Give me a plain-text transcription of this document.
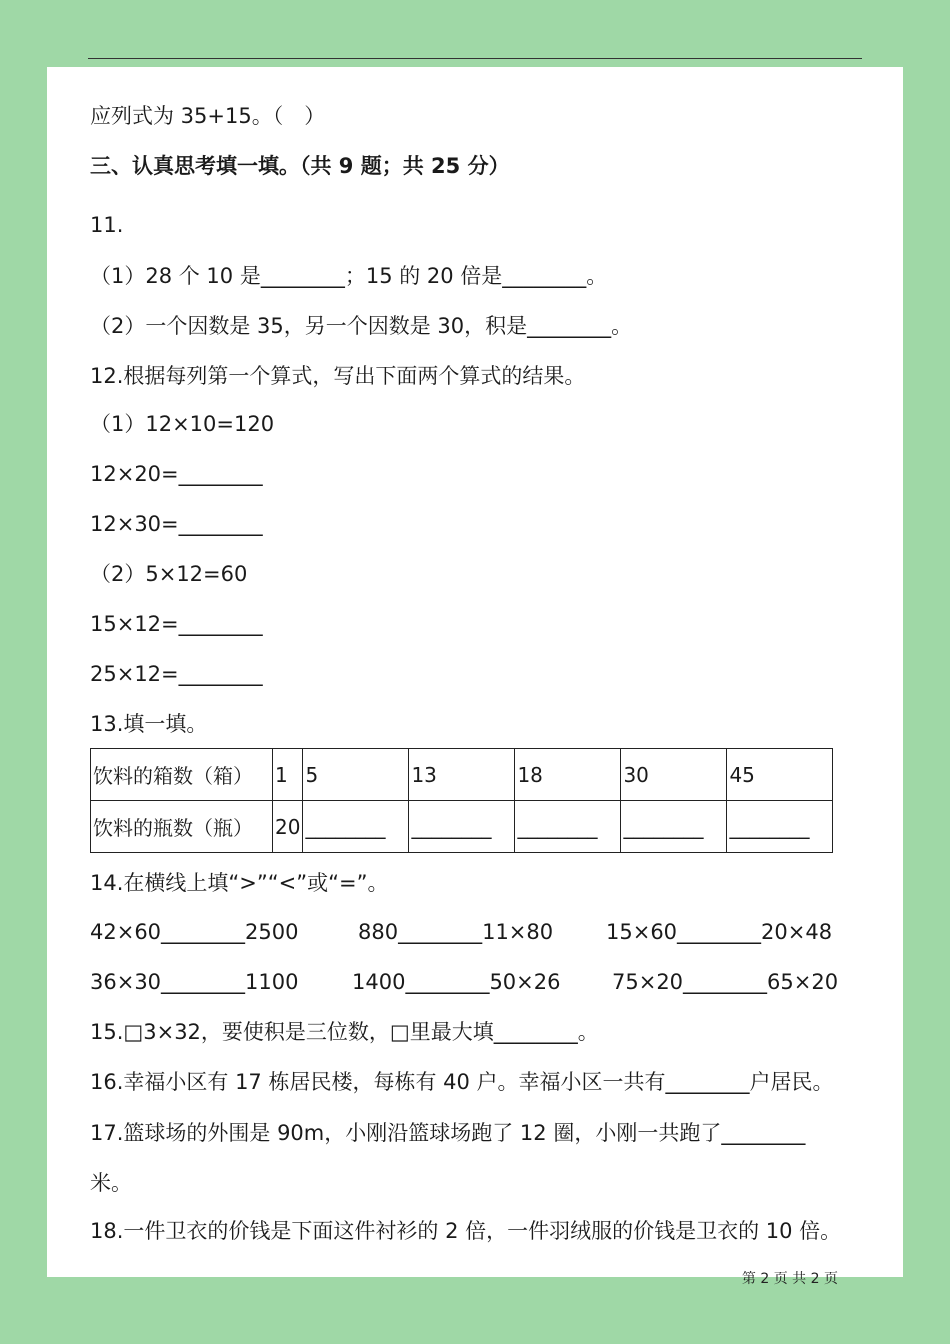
应列式为 35+15。（　）
三、认真思考填一填。（共 9 题；共 25 分）
11.
（1）28 个 10 是________；15 的 20 倍是________。
（2）一个因数是 35，另一个因数是 30，积是________。
12.根据每列第一个算式，写出下面两个算式的结果。
（1）12×10=120
12×20=________
12×30=________
（2）5×12=60
15×12=________
25×12=________
13.填一填。
饮料的箱数（箱）	1	5	13	18	30	45
饮料的瓶数（瓶）	20	________	________	________	________	________
14.在横线上填“>”“<”或“=”。
42×60________2500	880________11×80	15×60________20×48
36×30________1100	1400________50×26 75×20________65×20
15.□3×32，要使积是三位数，□里最大填________。
16.幸福小区有 17 栋居民楼，每栋有 40 户。幸福小区一共有________户居民。
17.篮球场的外围是 90m，小刚沿篮球场跑了 12 圈，小刚一共跑了________
米。
18.一件卫衣的价钱是下面这件衬衫的 2 倍，一件羽绒服的价钱是卫衣的 10 倍。
第 2 页 共 2 页
